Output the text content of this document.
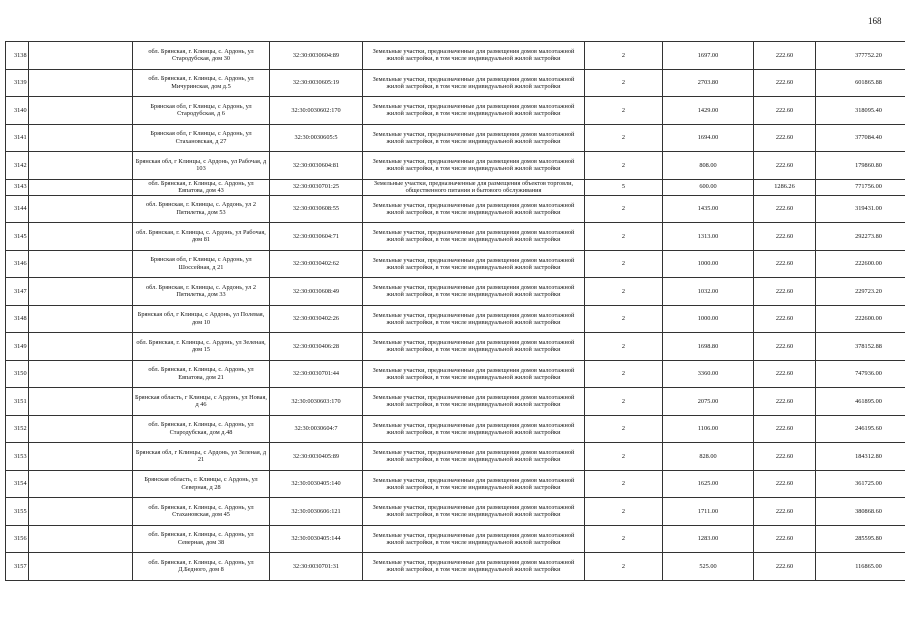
168
3138		обл. Брянская, г. Клинцы, с. Ардонь, ул Стародубская, дом 30	32:30:0030604:89	Земельные участки, предназначенные для размещения домов малоэтажной жилой застройки, в том числе индивидуальной жилой застройки	2	1697.00	222.60	377752.20
3139		обл. Брянская, г. Клинцы, с. Ардонь, ул Мичуринская, дом д.5	32:30:0030605:19	Земельные участки, предназначенные для размещения домов малоэтажной жилой застройки, в том числе индивидуальной жилой застройки	2	2703.80	222.60	601865.88
3140		Брянская обл, г Клинцы, с Ардонь, ул Стародубская, д 6	32:30:0030602:170	Земельные участки, предназначенные для размещения домов малоэтажной жилой застройки, в том числе индивидуальной жилой застройки	2	1429.00	222.60	318095.40
3141		Брянская обл, г Клинцы, с Ардонь, ул Стахановская, д 27	32:30:0030605:5	Земельные участки, предназначенные для размещения домов малоэтажной жилой застройки, в том числе индивидуальной жилой застройки	2	1694.00	222.60	377084.40
3142		Брянская обл, г Клинцы, с Ардонь, ул Рабочая, д 103	32:30:0030604:81	Земельные участки, предназначенные для размещения домов малоэтажной жилой застройки, в том числе индивидуальной жилой застройки	2	808.00	222.60	179860.80
3143		обл. Брянская, г. Клинцы, с. Ардонь, ул Евпатова, дом 43	32:30:0030701:25	Земельные участки, предназначенные для размещения объектов торговли, общественного питания и бытового обслуживания	5	600.00	1286.26	771756.00
3144		обл. Брянская, г. Клинцы, с. Ардонь, ул 2 Пятилетка, дом 53	32:30:0030608:55	Земельные участки, предназначенные для размещения домов малоэтажной жилой застройки, в том числе индивидуальной жилой застройки	2	1435.00	222.60	319431.00
3145		обл. Брянская, г. Клинцы, с. Ардонь, ул Рабочая, дом 81	32:30:0030604:71	Земельные участки, предназначенные для размещения домов малоэтажной жилой застройки, в том числе индивидуальной жилой застройки	2	1313.00	222.60	292273.80
3146		Брянская обл, г Клинцы, с Ардонь, ул Шоссейная, д 21	32:30:0030402:62	Земельные участки, предназначенные для размещения домов малоэтажной жилой застройки, в том числе индивидуальной жилой застройки	2	1000.00	222.60	222600.00
3147		обл. Брянская, г. Клинцы, с. Ардонь, ул 2 Пятилетка, дом 33	32:30:0030608:49	Земельные участки, предназначенные для размещения домов малоэтажной жилой застройки, в том числе индивидуальной жилой застройки	2	1032.00	222.60	229723.20
3148		Брянская обл, г Клинцы, с Ардонь, ул Полевая, дом 10	32:30:0030402:26	Земельные участки, предназначенные для размещения домов малоэтажной жилой застройки, в том числе индивидуальной жилой застройки	2	1000.00	222.60	222600.00
3149		обл. Брянская, г. Клинцы, с. Ардонь, ул Зеленая, дом 15	32:30:0030406:28	Земельные участки, предназначенные для размещения домов малоэтажной жилой застройки, в том числе индивидуальной жилой застройки	2	1698.80	222.60	378152.88
3150		обл. Брянская, г. Клинцы, с. Ардонь, ул Евпатова, дом 21	32:30:0030701:44	Земельные участки, предназначенные для размещения домов малоэтажной жилой застройки, в том числе индивидуальной жилой застройки	2	3360.00	222.60	747936.00
3151		Брянская область, г Клинцы, с Ардонь, ул Новая, д 46	32:30:0030603:170	Земельные участки, предназначенные для размещения домов малоэтажной жилой застройки, в том числе индивидуальной жилой застройки	2	2075.00	222.60	461895.00
3152		обл. Брянская, г. Клинцы, с. Ардонь, ул Стародубская, дом д.48	32:30:0030604:7	Земельные участки, предназначенные для размещения домов малоэтажной жилой застройки, в том числе индивидуальной жилой застройки	2	1106.00	222.60	246195.60
3153		Брянская обл, г Клинцы, с Ардонь, ул Зеленая, д 21	32:30:0030405:89	Земельные участки, предназначенные для размещения домов малоэтажной жилой застройки, в том числе индивидуальной жилой застройки	2	828.00	222.60	184312.80
3154		Брянская область, г. Клинцы, с Ардонь, ул Северная, д 28	32:30:0030405:140	Земельные участки, предназначенные для размещения домов малоэтажной жилой застройки, в том числе индивидуальной жилой застройки	2	1625.00	222.60	361725.00
3155		обл. Брянская, г. Клинцы, с. Ардонь, ул Стахановская, дом 45	32:30:0030606:121	Земельные участки, предназначенные для размещения домов малоэтажной жилой застройки, в том числе индивидуальной жилой застройки	2	1711.00	222.60	380868.60
3156		обл. Брянская, г. Клинцы, с. Ардонь, ул Северная, дом 38	32:30:0030405:144	Земельные участки, предназначенные для размещения домов малоэтажной жилой застройки, в том числе индивидуальной жилой застройки	2	1283.00	222.60	285595.80
3157		обл. Брянская, г. Клинцы, с. Ардонь, ул Д.Бедного, дом 8	32:30:0030701:31	Земельные участки, предназначенные для размещения домов малоэтажной жилой застройки, в том числе индивидуальной жилой застройки	2	525.00	222.60	116865.00
